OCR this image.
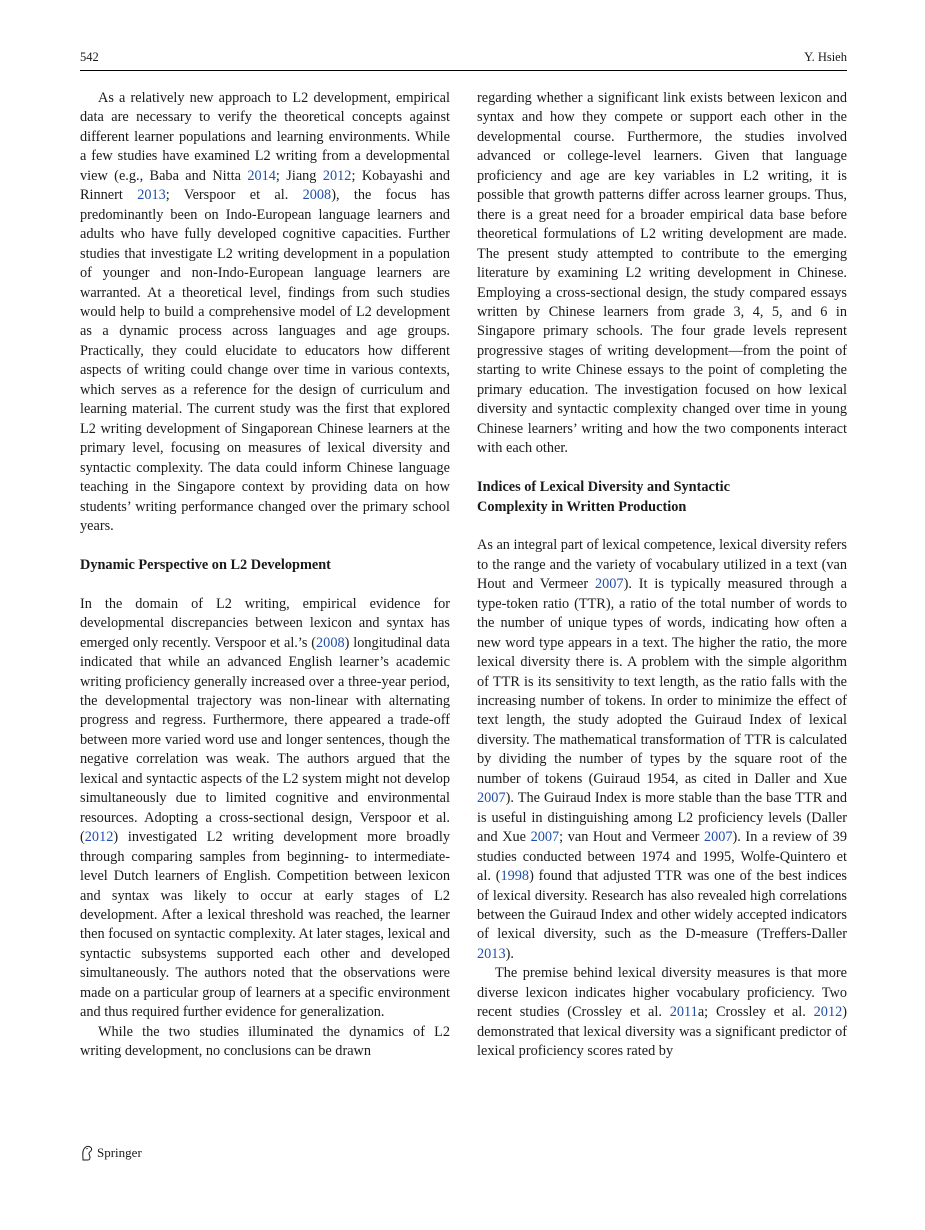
542	Y. Hsieh

As a relatively new approach to L2 development, empirical data are necessary to verify the theoretical concepts against different learner populations and learning environments. While a few studies have examined L2 writing from a developmental view (e.g., Baba and Nitta 2014; Jiang 2012; Kobayashi and Rinnert 2013; Verspoor et al. 2008), the focus has predominantly been on Indo-European language learners and adults who have fully developed cognitive capacities. Further studies that investigate L2 writing development in a population of younger and non-Indo-European language learners are warranted. At a theoretical level, findings from such studies would help to build a comprehensive model of L2 development as a dynamic process across languages and age groups. Practically, they could elucidate to educators how different aspects of writing could change over time in various contexts, which serves as a reference for the design of curriculum and learning material. The current study was the first that explored L2 writing development of Singaporean Chinese learners at the primary level, focusing on measures of lexical diversity and syntactic complexity. The data could inform Chinese language teaching in the Singapore context by providing data on how students’ writing performance changed over the primary school years.

Dynamic Perspective on L2 Development

In the domain of L2 writing, empirical evidence for developmental discrepancies between lexicon and syntax has emerged only recently. Verspoor et al.’s (2008) longitudinal data indicated that while an advanced English learner’s academic writing proficiency generally increased over a three-year period, the developmental trajectory was non-linear with alternating progress and regress. Furthermore, there appeared a trade-off between more varied word use and longer sentences, though the negative correlation was weak. The authors argued that the lexical and syntactic aspects of the L2 system might not develop simultaneously due to limited cognitive and environmental resources. Adopting a cross-sectional design, Verspoor et al. (2012) investigated L2 writing development more broadly through comparing samples from beginning- to intermediate-level Dutch learners of English. Competition between lexicon and syntax was likely to occur at early stages of L2 development. After a lexical threshold was reached, the learner then focused on syntactic complexity. At later stages, lexical and syntactic subsystems supported each other and developed simultaneously. The authors noted that the observations were made on a particular group of learners at a specific environment and thus required further evidence for generalization.

While the two studies illuminated the dynamics of L2 writing development, no conclusions can be drawn

regarding whether a significant link exists between lexicon and syntax and how they compete or support each other in the developmental course. Furthermore, the studies involved advanced or college-level learners. Given that language proficiency and age are key variables in L2 writing, it is possible that growth patterns differ across learner groups. Thus, there is a great need for a broader empirical data base before theoretical formulations of L2 writing development are made. The present study attempted to contribute to the emerging literature by examining L2 writing development in Chinese. Employing a cross-sectional design, the study compared essays written by Chinese learners from grade 3, 4, 5, and 6 in Singapore primary schools. The four grade levels represent progressive stages of writing development—from the point of starting to write Chinese essays to the point of completing the primary education. The investigation focused on how lexical diversity and syntactic complexity changed over time in young Chinese learners’ writing and how the two components interact with each other.

Indices of Lexical Diversity and Syntactic
Complexity in Written Production

As an integral part of lexical competence, lexical diversity refers to the range and the variety of vocabulary utilized in a text (van Hout and Vermeer 2007). It is typically measured through a type-token ratio (TTR), a ratio of the total number of words to the number of unique types of words, indicating how often a new word type appears in a text. The higher the ratio, the more lexical diversity there is. A problem with the simple algorithm of TTR is its sensitivity to text length, as the ratio falls with the increasing number of tokens. In order to minimize the effect of text length, the study adopted the Guiraud Index of lexical diversity. The mathematical transformation of TTR is calculated by dividing the number of types by the square root of the number of tokens (Guiraud 1954, as cited in Daller and Xue 2007). The Guiraud Index is more stable than the base TTR and is useful in distinguishing among L2 proficiency levels (Daller and Xue 2007; van Hout and Vermeer 2007). In a review of 39 studies conducted between 1974 and 1995, Wolfe-Quintero et al. (1998) found that adjusted TTR was one of the best indices of lexical diversity. Research has also revealed high correlations between the Guiraud Index and other widely accepted indicators of lexical diversity, such as the D-measure (Treffers-Daller 2013).

The premise behind lexical diversity measures is that more diverse lexicon indicates higher vocabulary proficiency. Two recent studies (Crossley et al. 2011a; Crossley et al. 2012) demonstrated that lexical diversity was a significant predictor of lexical proficiency scores rated by

Springer
